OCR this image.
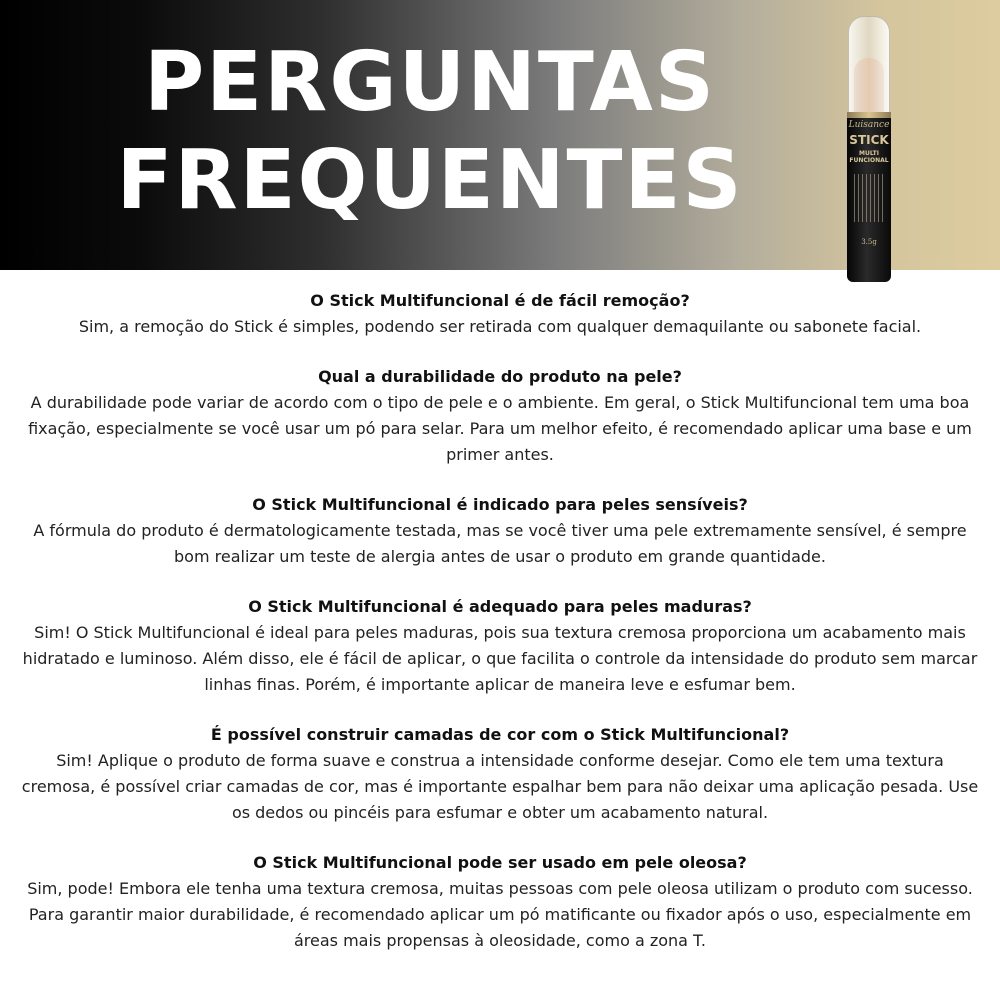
PERGUNTAS
FREQUENTES
Luisance
STICK
MULTI
FUNCIONAL
3.5g

O Stick Multifuncional é de fácil remoção?

Sim, a remoção do Stick é simples, podendo ser retirada com qualquer demaquilante ou sabonete facial.

Qual a durabilidade do produto na pele?

A durabilidade pode variar de acordo com o tipo de pele e o ambiente. Em geral, o Stick Multifuncional tem uma boa fixação, especialmente se você usar um pó para selar. Para um melhor efeito, é recomendado aplicar uma base e um primer antes.

O Stick Multifuncional é indicado para peles sensíveis?

A fórmula do produto é dermatologicamente testada, mas se você tiver uma pele extremamente sensível, é sempre bom realizar um teste de alergia antes de usar o produto em grande quantidade.

O Stick Multifuncional é adequado para peles maduras?

Sim! O Stick Multifuncional é ideal para peles maduras, pois sua textura cremosa proporciona um acabamento mais hidratado e luminoso. Além disso, ele é fácil de aplicar, o que facilita o controle da intensidade do produto sem marcar linhas finas. Porém, é importante aplicar de maneira leve e esfumar bem.

É possível construir camadas de cor com o Stick Multifuncional?

Sim! Aplique o produto de forma suave e construa a intensidade conforme desejar. Como ele tem uma textura cremosa, é possível criar camadas de cor, mas é importante espalhar bem para não deixar uma aplicação pesada. Use os dedos ou pincéis para esfumar e obter um acabamento natural.

O Stick Multifuncional pode ser usado em pele oleosa?

Sim, pode! Embora ele tenha uma textura cremosa, muitas pessoas com pele oleosa utilizam o produto com sucesso. Para garantir maior durabilidade, é recomendado aplicar um pó matificante ou fixador após o uso, especialmente em áreas mais propensas à oleosidade, como a zona T.
